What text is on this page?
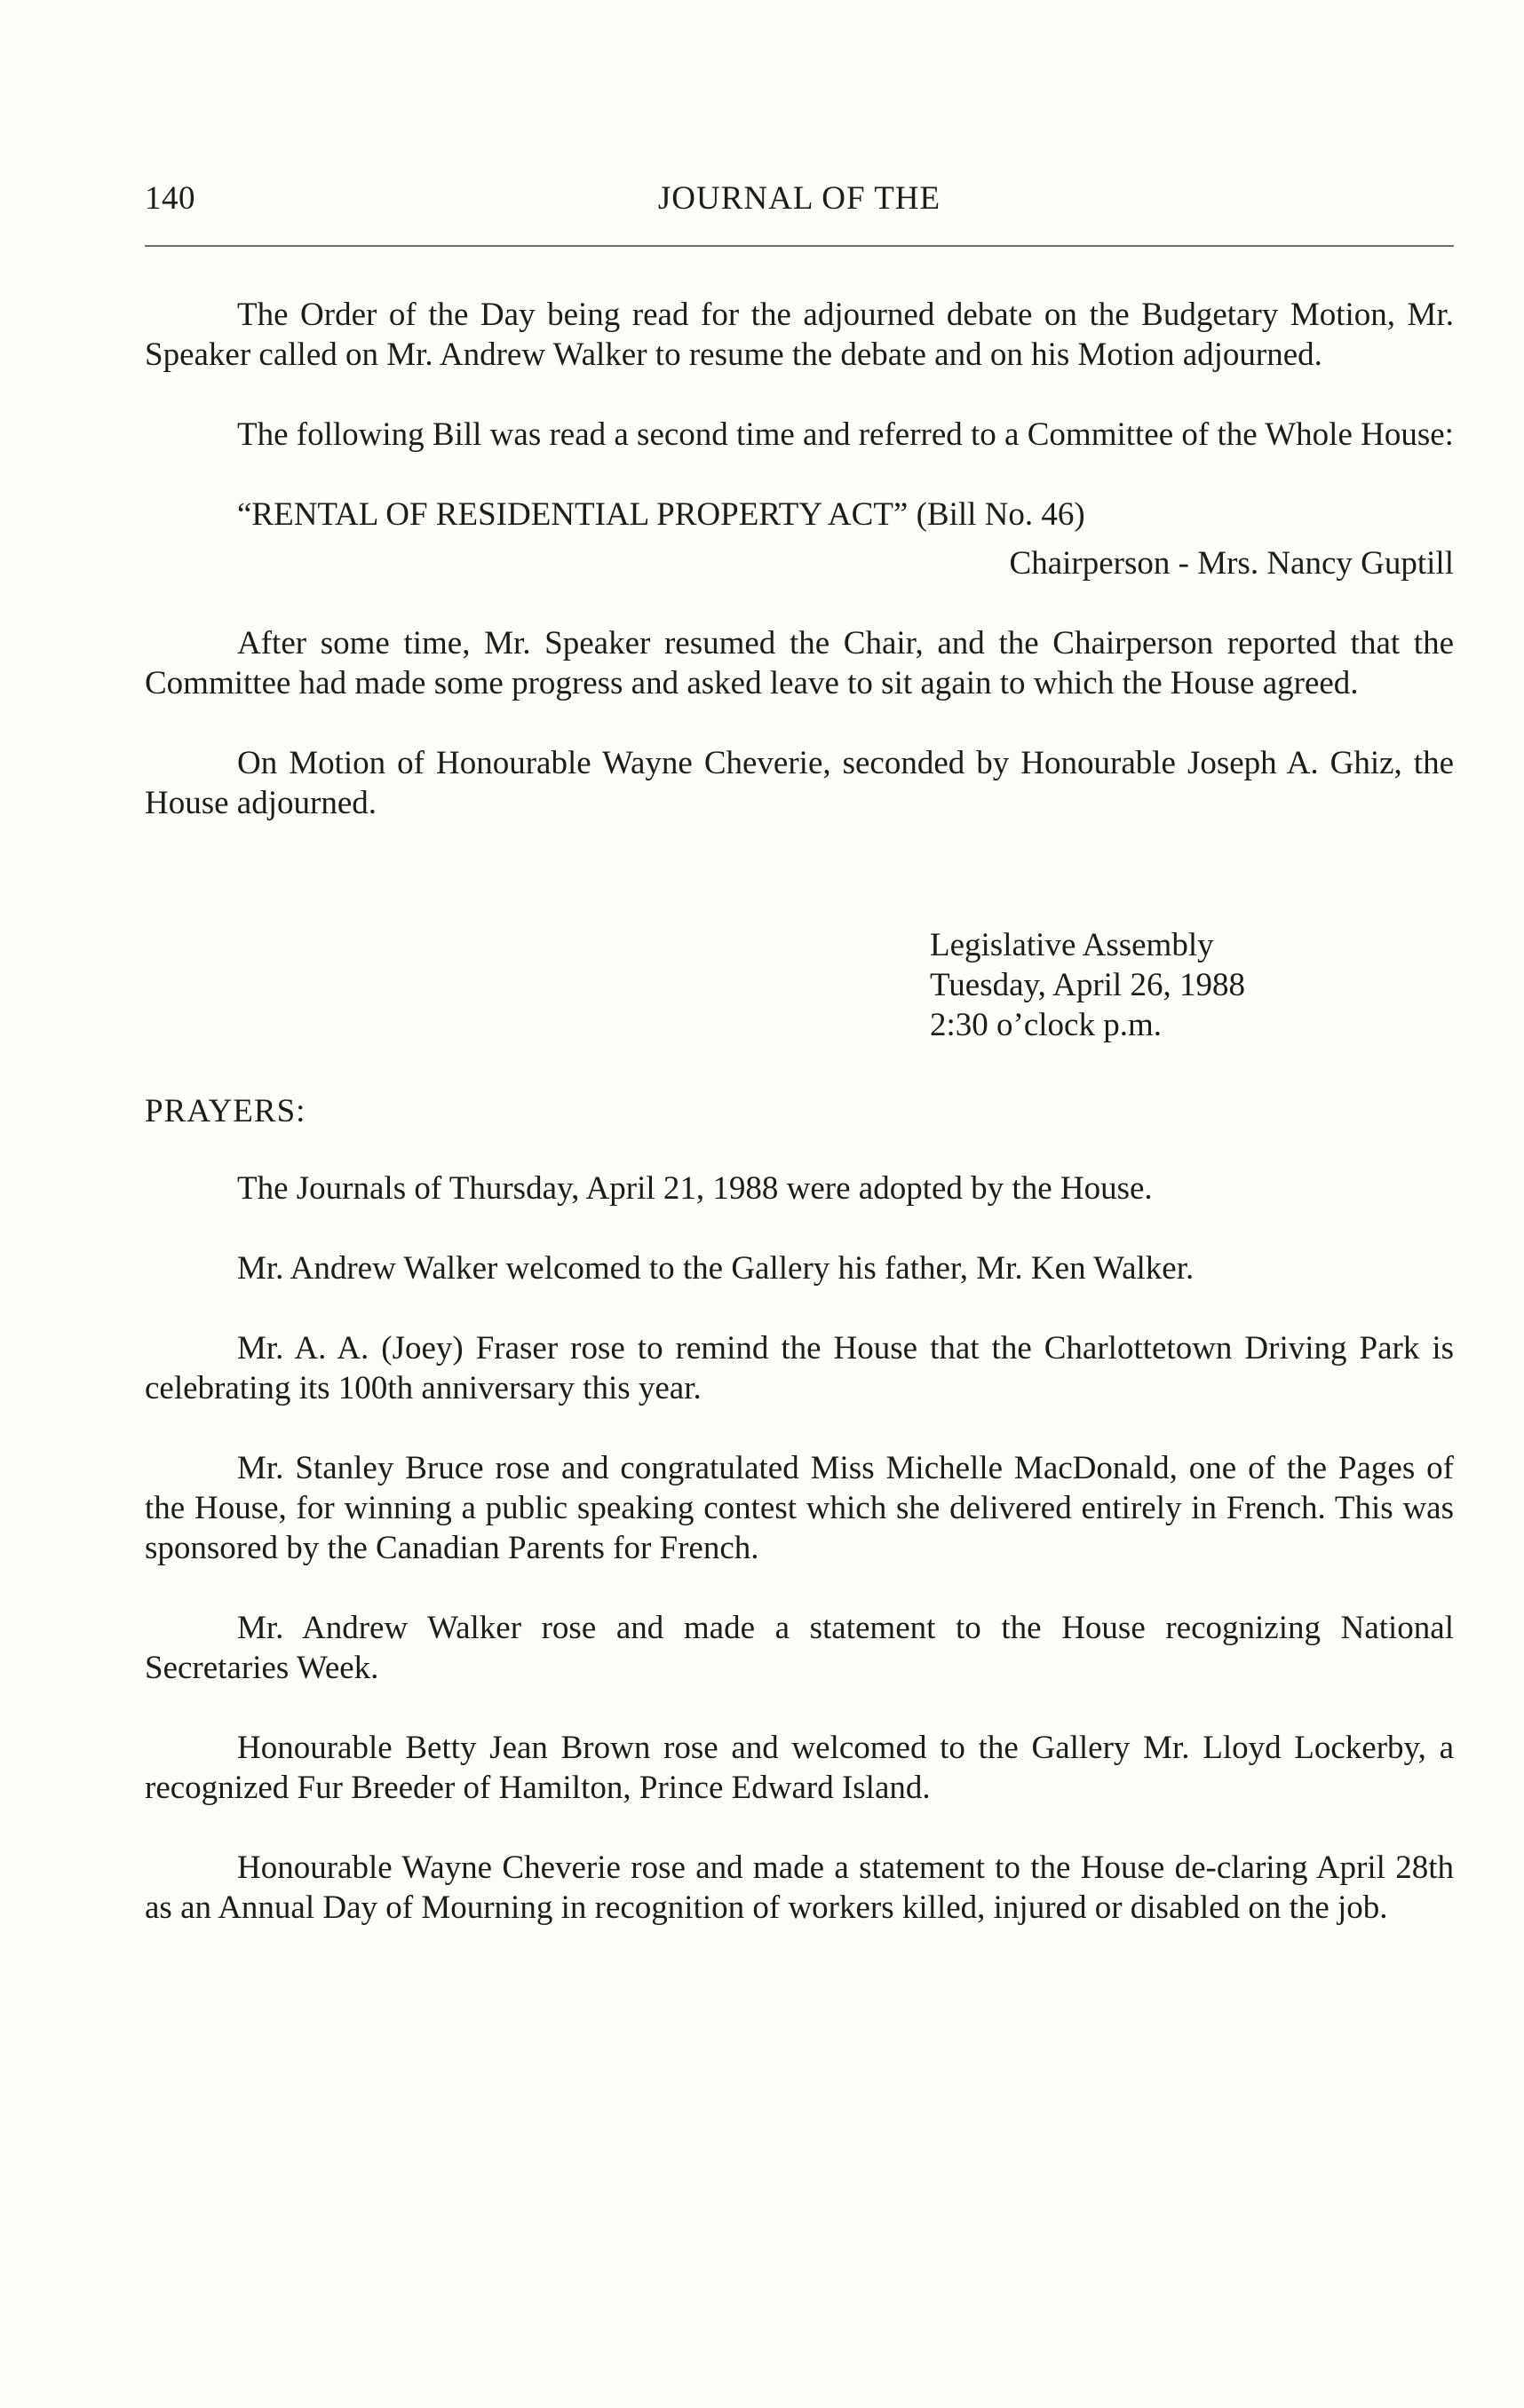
140	JOURNAL OF THE

The Order of the Day being read for the adjourned debate on the Budgetary Motion, Mr. Speaker called on Mr. Andrew Walker to resume the debate and on his Motion adjourned.

The following Bill was read a second time and referred to a Committee of the Whole House:

“RENTAL OF RESIDENTIAL PROPERTY ACT” (Bill No. 46)

Chairperson - Mrs. Nancy Guptill

After some time, Mr. Speaker resumed the Chair, and the Chairperson reported that the Committee had made some progress and asked leave to sit again to which the House agreed.

On Motion of Honourable Wayne Cheverie, seconded by Honourable Joseph A. Ghiz, the House adjourned.

Legislative Assembly
Tuesday, April 26, 1988
2:30 o’clock p.m.

PRAYERS:

The Journals of Thursday, April 21, 1988 were adopted by the House.

Mr. Andrew Walker welcomed to the Gallery his father, Mr. Ken Walker.

Mr. A. A. (Joey) Fraser rose to remind the House that the Charlottetown Driving Park is celebrating its 100th anniversary this year.

Mr. Stanley Bruce rose and congratulated Miss Michelle MacDonald, one of the Pages of the House, for winning a public speaking contest which she delivered entirely in French. This was sponsored by the Canadian Parents for French.

Mr. Andrew Walker rose and made a statement to the House recognizing National Secretaries Week.

Honourable Betty Jean Brown rose and welcomed to the Gallery Mr. Lloyd Lockerby, a recognized Fur Breeder of Hamilton, Prince Edward Island.

Honourable Wayne Cheverie rose and made a statement to the House de-claring April 28th as an Annual Day of Mourning in recognition of workers killed, injured or disabled on the job.
